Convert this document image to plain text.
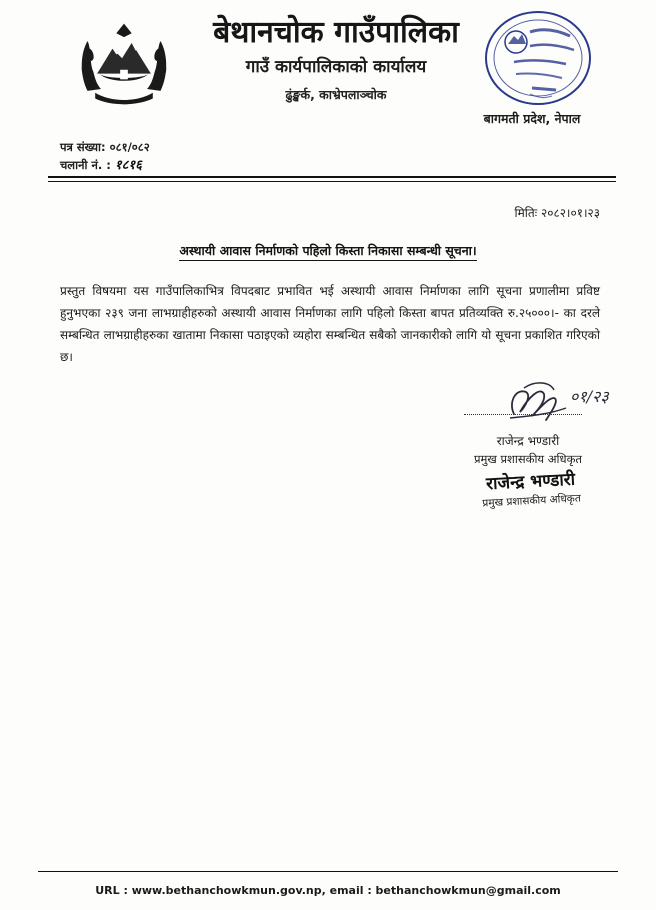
बेथानचोक गाउँपालिका
गाउँ कार्यपालिकाको कार्यालय
ढुंङ्खर्क, काभ्रेपलाञ्चोक
बागमती प्रदेश, नेपाल
पत्र संख्या: ०८१/०८२
चलानी नं. : १८१६
मितिः २०८२।०१।२३
अस्थायी आवास निर्माणको पहिलो किस्ता निकासा सम्बन्धी सूचना।
प्रस्तुत विषयमा यस गाउँपालिकाभित्र विपदबाट प्रभावित भई अस्थायी आवास निर्माणका लागि सूचना प्रणालीमा प्रविष्ट हुनुभएका २३९ जना लाभग्राहीहरुको अस्थायी आवास निर्माणका लागि पहिलो किस्ता बापत प्रतिव्यक्ति रु.२५०००।- का दरले सम्बन्धित लाभग्राहीहरुका खातामा निकासा पठाइएको व्यहोरा सम्बन्धित सबैको जानकारीको लागि यो सूचना प्रकाशित गरिएको छ।
०१/२३
राजेन्द्र भण्डारी
प्रमुख प्रशासकीय अधिकृत
राजेन्द्र भण्डारी
प्रमुख प्रशासकीय अधिकृत
URL : www.bethanchowkmun.gov.np, email : bethanchowkmun@gmail.com
